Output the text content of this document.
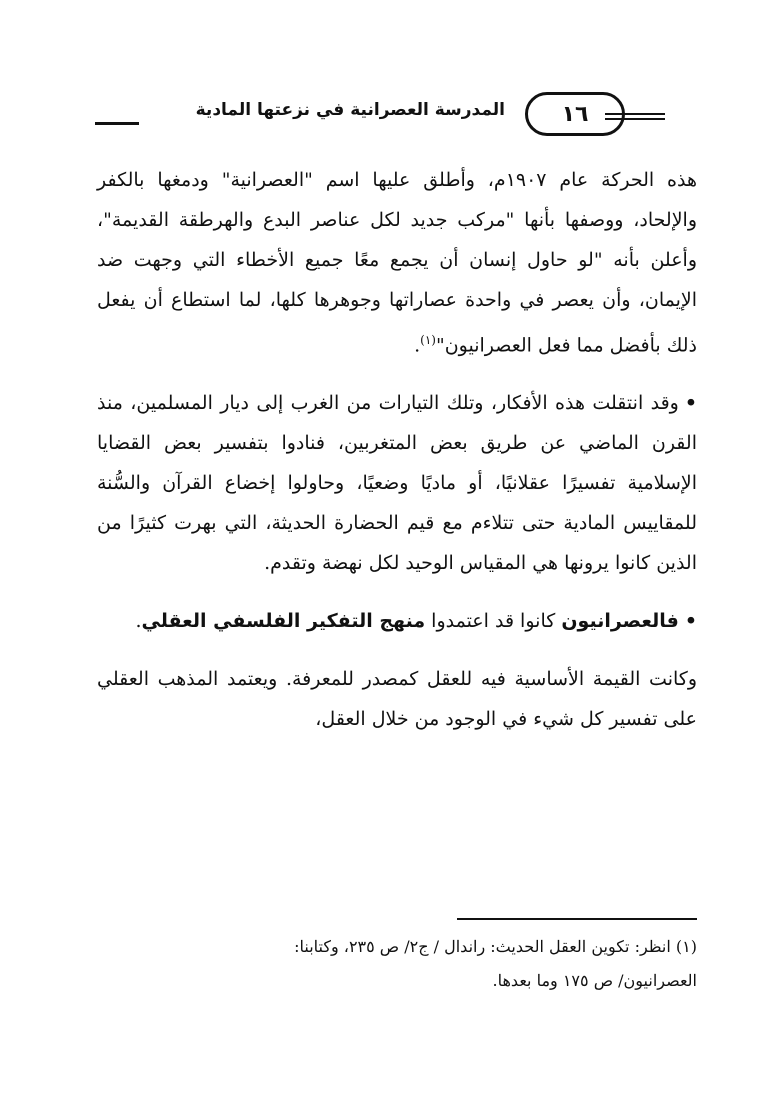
المدرسة العصرانية في نزعتها المادية	١٦

هذه الحركة عام ١٩٠٧م، وأطلق عليها اسم "العصرانية" ودمغها بالكفر والإلحاد، ووصفها بأنها "مركب جديد لكل عناصر البدع والهرطقة القديمة"، وأعلن بأنه "لو حاول إنسان أن يجمع معًا جميع الأخطاء التي وجهت ضد الإيمان، وأن يعصر في واحدة عصاراتها وجوهرها كلها، لما استطاع أن يفعل ذلك بأفضل مما فعل العصرانيون"$^{(١)}$.

•وقد انتقلت هذه الأفكار، وتلك التيارات من الغرب إلى ديار المسلمين، منذ القرن الماضي عن طريق بعض المتغربين، فنادوا بتفسير بعض القضايا الإسلامية تفسيرًا عقلانيًا، أو ماديًا وضعيًا، وحاولوا إخضاع القرآن والسُّنة للمقاييس المادية حتى تتلاءم مع قيم الحضارة الحديثة، التي بهرت كثيرًا من الذين كانوا يرونها هي المقياس الوحيد لكل نهضة وتقدم.

•فالعصرانيون كانوا قد اعتمدوا منهج التفكير الفلسفي العقلي.

وكانت القيمة الأساسية فيه للعقل كمصدر للمعرفة. ويعتمد المذهب العقلي على تفسير كل شيء في الوجود من خلال العقل،

(١) انظر: تكوين العقل الحديث: راندال / ج٢/ ص ٢٣٥، وكتابنا:

العصرانيون/ ص ١٧٥ وما بعدها.
